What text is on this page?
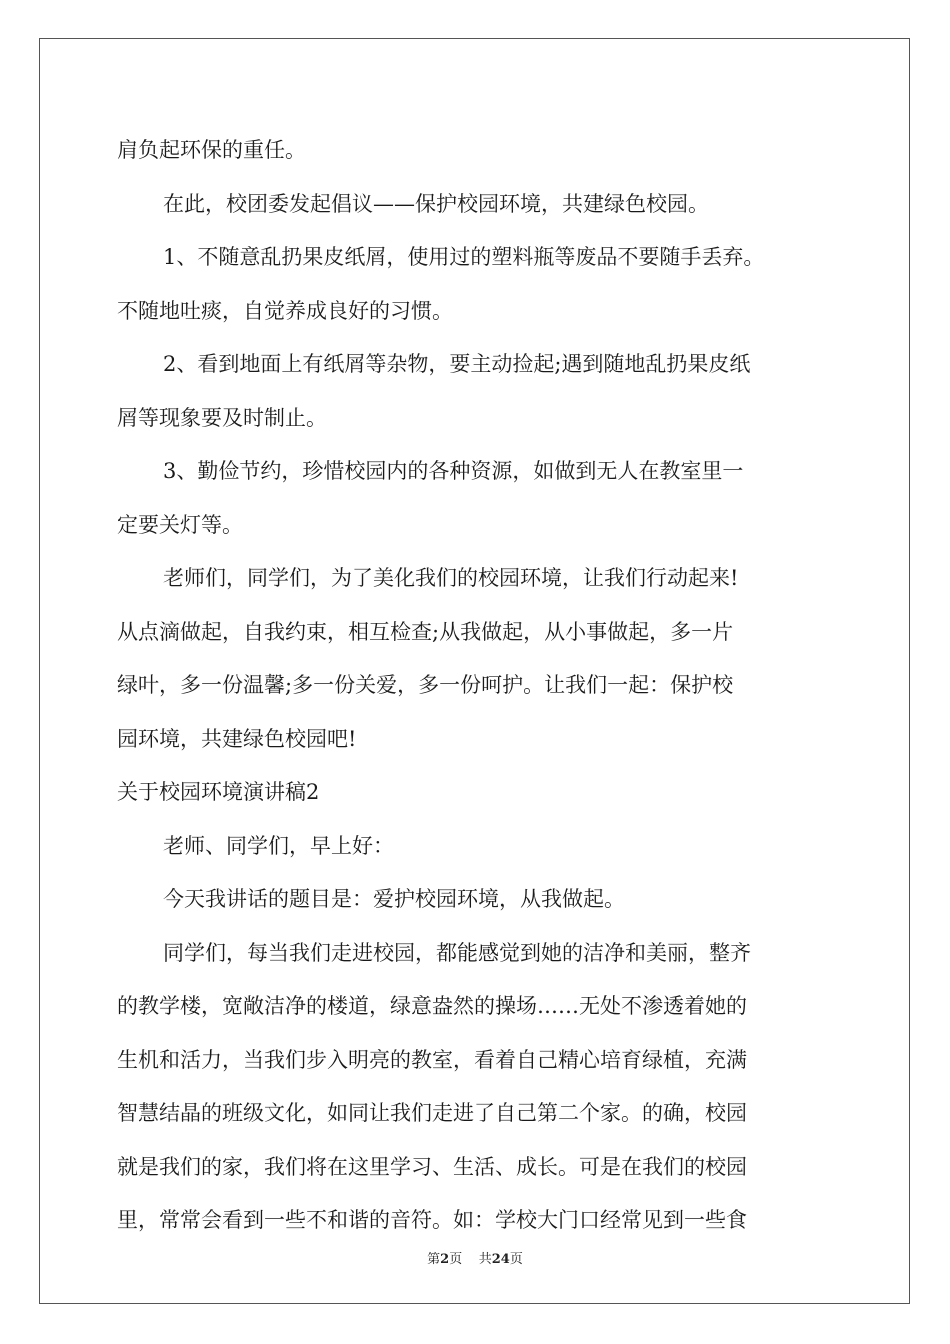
肩负起环保的重任。
在此，校团委发起倡议——保护校园环境，共建绿色校园。
1、不随意乱扔果皮纸屑，使用过的塑料瓶等废品不要随手丢弃。
不随地吐痰，自觉养成良好的习惯。
2、看到地面上有纸屑等杂物，要主动捡起;遇到随地乱扔果皮纸
屑等现象要及时制止。
3、勤俭节约，珍惜校园内的各种资源，如做到无人在教室里一
定要关灯等。
老师们，同学们，为了美化我们的校园环境，让我们行动起来!
从点滴做起，自我约束，相互检查;从我做起，从小事做起，多一片
绿叶，多一份温馨;多一份关爱，多一份呵护。让我们一起：保护校
园环境，共建绿色校园吧!
关于校园环境演讲稿2
老师、同学们，早上好：
今天我讲话的题目是：爱护校园环境，从我做起。
同学们，每当我们走进校园，都能感觉到她的洁净和美丽，整齐
的教学楼，宽敞洁净的楼道，绿意盎然的操场……无处不渗透着她的
生机和活力，当我们步入明亮的教室，看着自己精心培育绿植，充满
智慧结晶的班级文化，如同让我们走进了自己第二个家。的确，校园
就是我们的家，我们将在这里学习、生活、成长。可是在我们的校园
里，常常会看到一些不和谐的音符。如：学校大门口经常见到一些食
第2页 共24页
